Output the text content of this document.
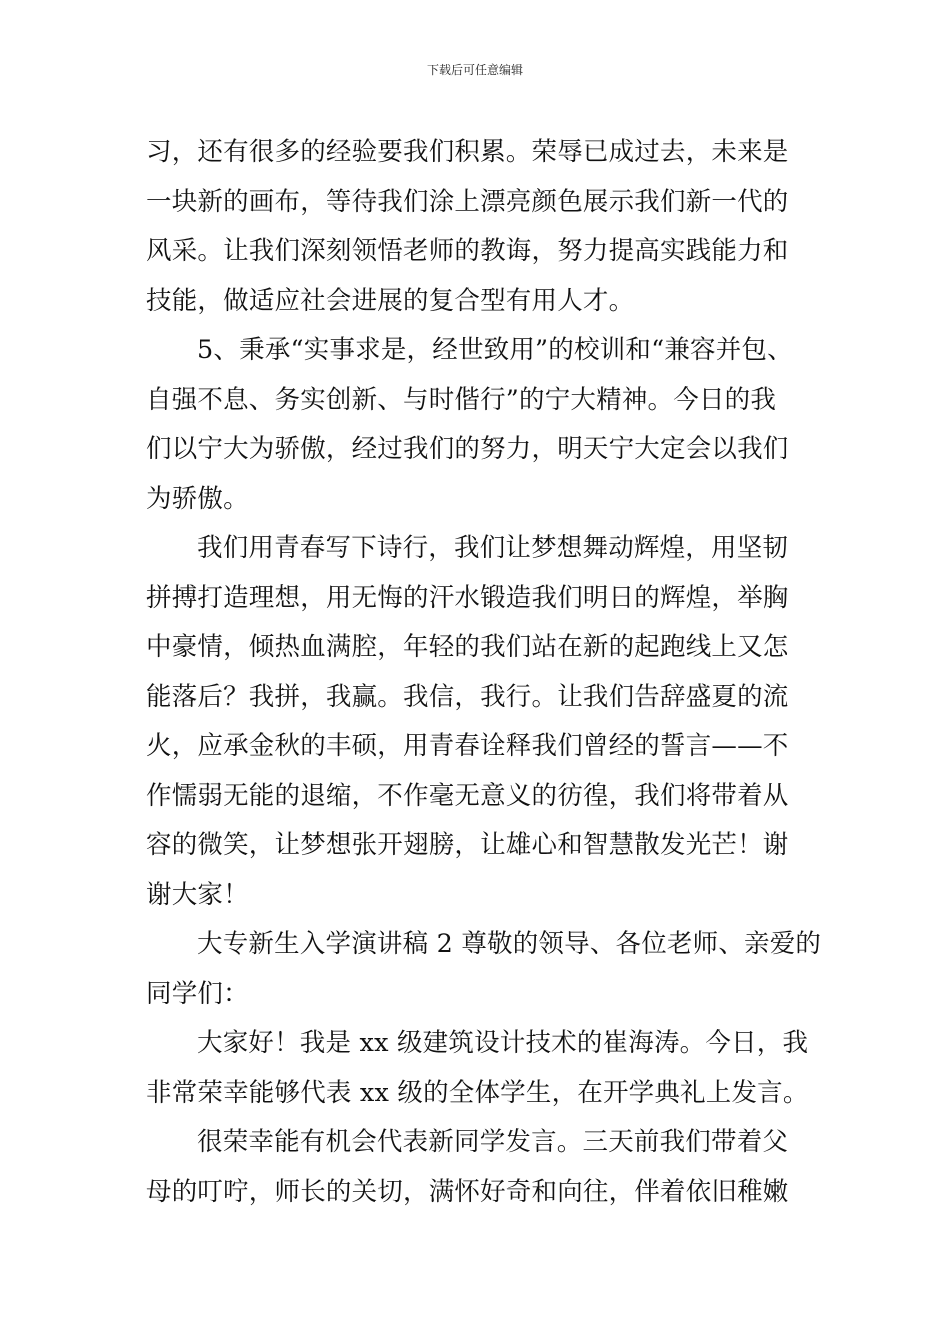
下载后可任意编辑
习，还有很多的经验要我们积累。荣辱已成过去，未来是
一块新的画布，等待我们涂上漂亮颜色展示我们新一代的
风采。让我们深刻领悟老师的教诲，努力提高实践能力和
技能，做适应社会进展的复合型有用人才。
5、秉承“实事求是，经世致用”的校训和“兼容并包、
自强不息、务实创新、与时偕行”的宁大精神。今日的我
们以宁大为骄傲，经过我们的努力，明天宁大定会以我们
为骄傲。
我们用青春写下诗行，我们让梦想舞动辉煌，用坚韧
拼搏打造理想，用无悔的汗水锻造我们明日的辉煌，举胸
中豪情，倾热血满腔，年轻的我们站在新的起跑线上又怎
能落后？我拼，我赢。我信，我行。让我们告辞盛夏的流
火，应承金秋的丰硕，用青春诠释我们曾经的誓言——不
作懦弱无能的退缩，不作毫无意义的彷徨，我们将带着从
容的微笑，让梦想张开翅膀，让雄心和智慧散发光芒！谢
谢大家！
大专新生入学演讲稿 2 尊敬的领导、各位老师、亲爱的
同学们：
大家好！我是 xx 级建筑设计技术的崔海涛。今日，我
非常荣幸能够代表 xx 级的全体学生，在开学典礼上发言。
很荣幸能有机会代表新同学发言。三天前我们带着父
母的叮咛，师长的关切，满怀好奇和向往，伴着依旧稚嫩
